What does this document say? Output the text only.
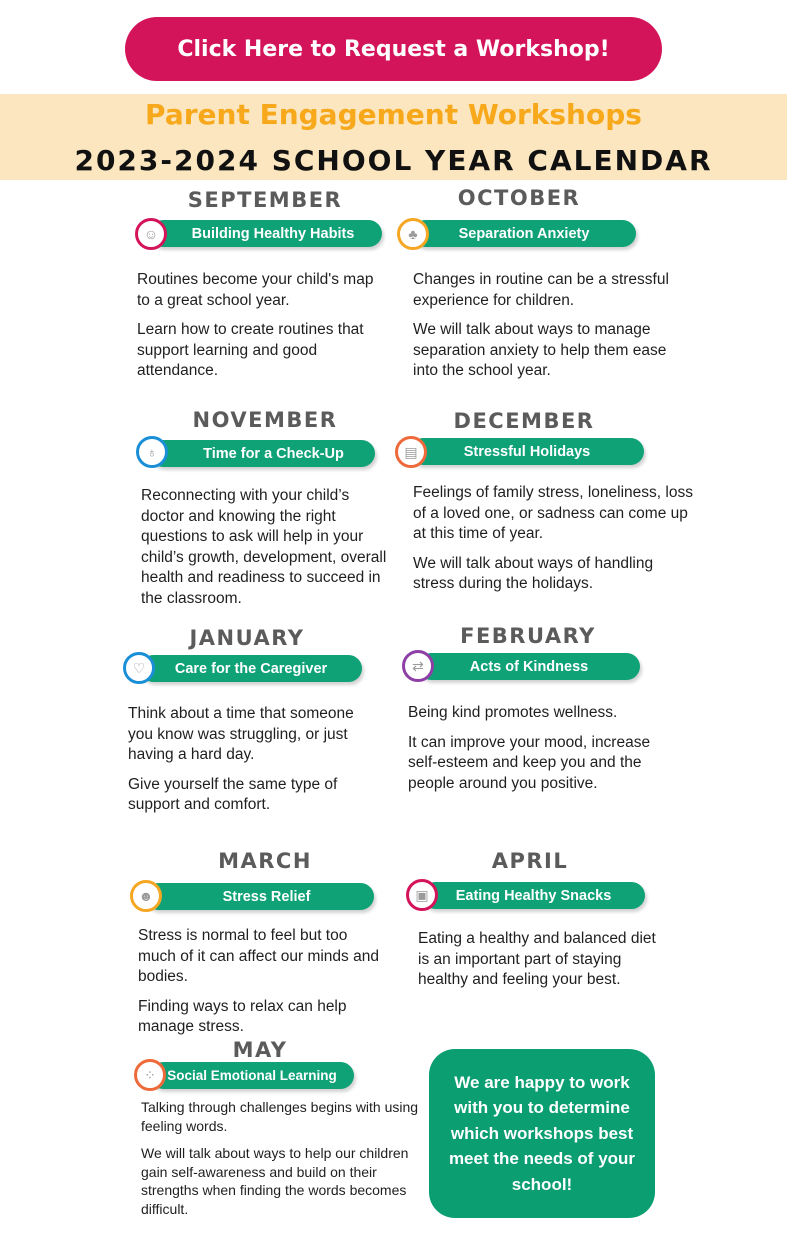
Click Here to Request a Workshop!
Parent Engagement Workshops
2023-2024 SCHOOL YEAR CALENDAR
SEPTEMBER
Building Healthy Habits
☺

Routines become your child's map to a great school year.

Learn how to create routines that support learning and good attendance.

OCTOBER
Separation Anxiety
♣

Changes in routine can be a stressful experience for children.

We will talk about ways to manage separation anxiety to help them ease into the school year.

NOVEMBER
Time for a Check-Up
♁

Reconnecting with your child’s doctor and knowing the right questions to ask will help in your child’s growth, development, overall health and readiness to succeed in the classroom.

DECEMBER
Stressful Holidays
▤

Feelings of family stress, loneliness, loss of a loved one, or sadness can come up at this time of year.

We will talk about ways of handling stress during the holidays.

JANUARY
Care for the Caregiver
♡

Think about a time that someone you know was struggling, or just having a hard day.

Give yourself the same type of support and comfort.

FEBRUARY
Acts of Kindness
⇄

Being kind promotes wellness.

It can improve your mood, increase self-esteem and keep you and the people around you positive.

MARCH
Stress Relief
☻

Stress is normal to feel but too much of it can affect our minds and bodies.

Finding ways to relax can help manage stress.

APRIL
Eating Healthy Snacks
▣

Eating a healthy and balanced diet is an important part of staying healthy and feeling your best.

MAY
Social Emotional Learning
⁘

Talking through challenges begins with using feeling words.

We will talk about ways to help our children gain self-awareness and build on their strengths when finding the words becomes difficult.

We are happy to work with you to determine which workshops best meet the needs of your school!
